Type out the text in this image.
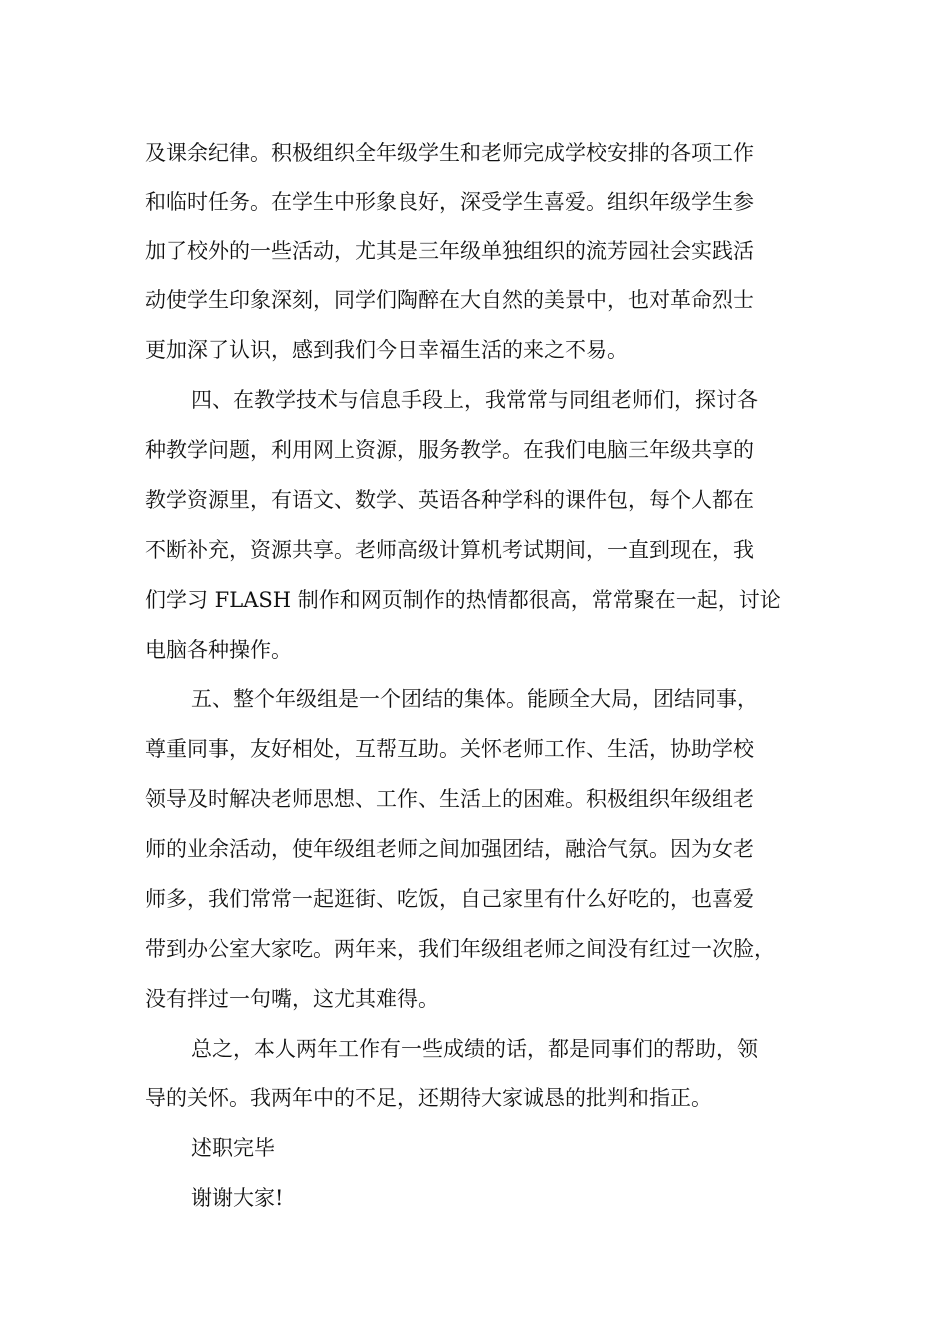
及课余纪律。积极组织全年级学生和老师完成学校安排的各项工作
和临时任务。在学生中形象良好，深受学生喜爱。组织年级学生参
加了校外的一些活动，尤其是三年级单独组织的流芳园社会实践活
动使学生印象深刻，同学们陶醉在大自然的美景中，也对革命烈士
更加深了认识，感到我们今日幸福生活的来之不易。
四、在教学技术与信息手段上，我常常与同组老师们，探讨各
种教学问题，利用网上资源，服务教学。在我们电脑三年级共享的
教学资源里，有语文、数学、英语各种学科的课件包，每个人都在
不断补充，资源共享。老师高级计算机考试期间，一直到现在，我
们学习 FLASH 制作和网页制作的热情都很高，常常聚在一起，讨论
电脑各种操作。
五、整个年级组是一个团结的集体。能顾全大局，团结同事，
尊重同事，友好相处，互帮互助。关怀老师工作、生活，协助学校
领导及时解决老师思想、工作、生活上的困难。积极组织年级组老
师的业余活动，使年级组老师之间加强团结，融洽气氛。因为女老
师多，我们常常一起逛街、吃饭，自己家里有什么好吃的，也喜爱
带到办公室大家吃。两年来，我们年级组老师之间没有红过一次脸，
没有拌过一句嘴，这尤其难得。
总之，本人两年工作有一些成绩的话，都是同事们的帮助，领
导的关怀。我两年中的不足，还期待大家诚恳的批判和指正。
述职完毕
谢谢大家!
